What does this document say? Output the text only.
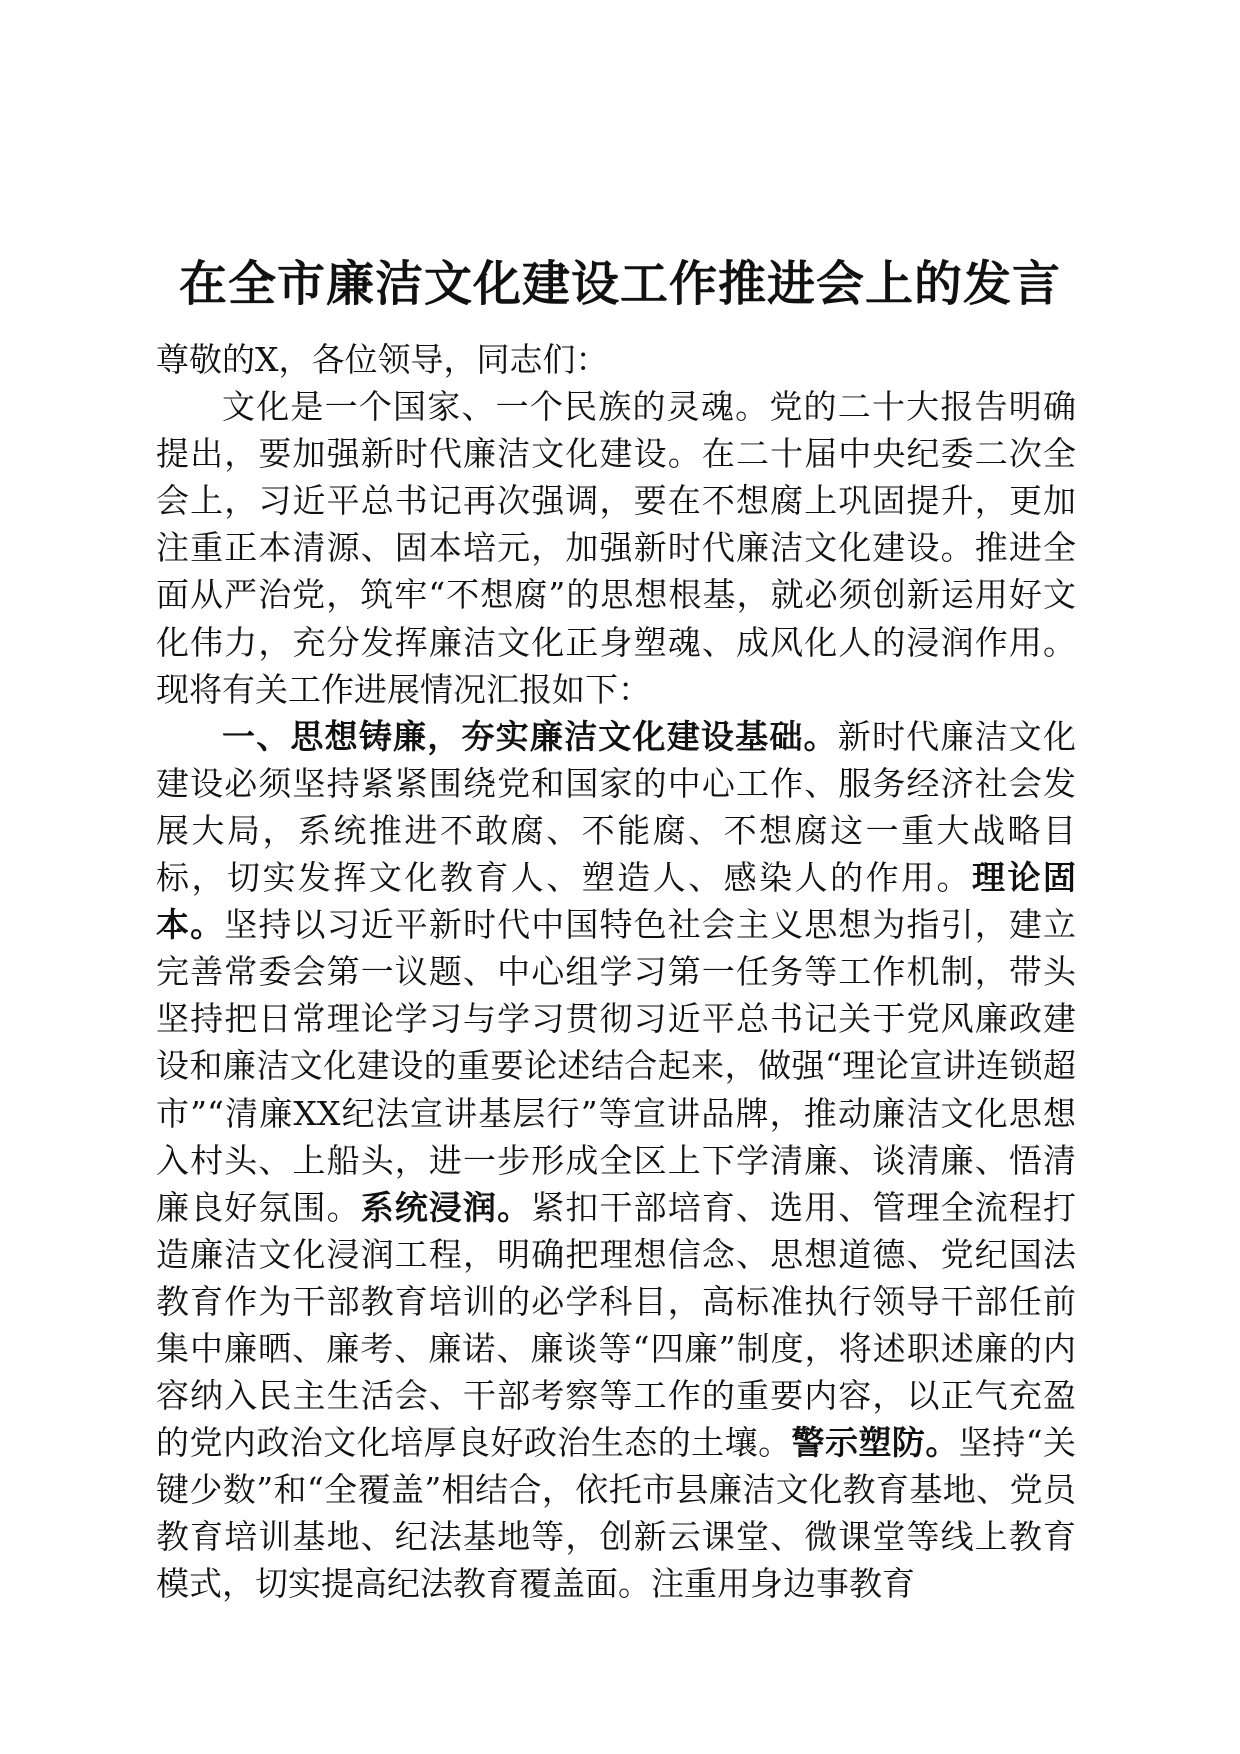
在全市廉洁文化建设工作推进会上的发言

尊敬的X，各位领导，同志们：

文化是一个国家、一个民族的灵魂。党的二十大报告明确提出，要加强新时代廉洁文化建设。在二十届中央纪委二次全会上，习近平总书记再次强调，要在不想腐上巩固提升，更加注重正本清源、固本培元，加强新时代廉洁文化建设。推进全面从严治党，筑牢“不想腐”的思想根基，就必须创新运用好文化伟力，充分发挥廉洁文化正身塑魂、成风化人的浸润作用。现将有关工作进展情况汇报如下：

一、思想铸廉，夯实廉洁文化建设基础。新时代廉洁文化建设必须坚持紧紧围绕党和国家的中心工作、服务经济社会发展大局，系统推进不敢腐、不能腐、不想腐这一重大战略目标，切实发挥文化教育人、塑造人、感染人的作用。理论固本。坚持以习近平新时代中国特色社会主义思想为指引，建立完善常委会第一议题、中心组学习第一任务等工作机制，带头坚持把日常理论学习与学习贯彻习近平总书记关于党风廉政建设和廉洁文化建设的重要论述结合起来，做强“理论宣讲连锁超市”“清廉XX纪法宣讲基层行”等宣讲品牌，推动廉洁文化思想入村头、上船头，进一步形成全区上下学清廉、谈清廉、悟清廉良好氛围。系统浸润。紧扣干部培育、选用、管理全流程打造廉洁文化浸润工程，明确把理想信念、思想道德、党纪国法教育作为干部教育培训的必学科目，高标准执行领导干部任前集中廉晒、廉考、廉诺、廉谈等“四廉”制度，将述职述廉的内容纳入民主生活会、干部考察等工作的重要内容，以正气充盈的党内政治文化培厚良好政治生态的土壤。警示塑防。坚持“关键少数”和“全覆盖”相结合，依托市县廉洁文化教育基地、党员教育培训基地、纪法基地等，创新云课堂、微课堂等线上教育模式，切实提高纪法教育覆盖面。注重用身边事教育
